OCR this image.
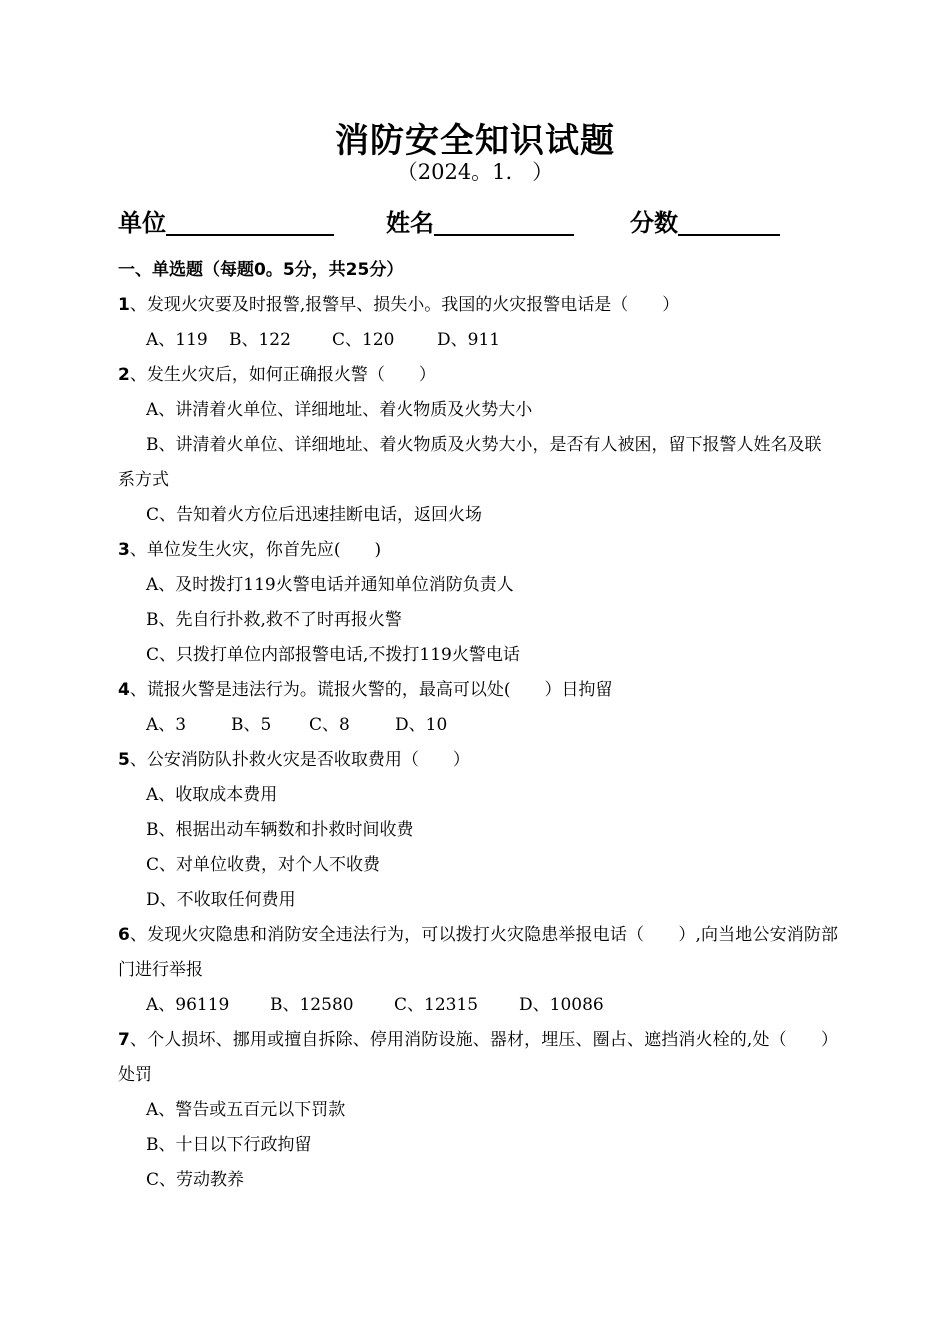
消防安全知识试题
（2024。1.   ）
单位	姓名	分数
一、单选题（每题0。5分，共25分）
1、发现火灾要及时报警,报警早、损失小。我国的火灾报警电话是（　　）
A、119 B、122 C、120	D、911
2、发生火灾后，如何正确报火警（　　）
A、讲清着火单位、详细地址、着火物质及火势大小
B、讲清着火单位、详细地址、着火物质及火势大小，是否有人被困，留下报警人姓名及联系方式
C、告知着火方位后迅速挂断电话，返回火场
3、单位发生火灾，你首先应(　　)
A、及时拨打119火警电话并通知单位消防负责人
B、先自行扑救,救不了时再报火警
C、只拨打单位内部报警电话,不拨打119火警电话
4、谎报火警是违法行为。谎报火警的，最高可以处(　　）日拘留
A、3	B、5 C、8	D、10
5、公安消防队扑救火灾是否收取费用（　　）
A、收取成本费用
B、根据出动车辆数和扑救时间收费
C、对单位收费，对个人不收费
D、不收取任何费用
6、发现火灾隐患和消防安全违法行为，可以拨打火灾隐患举报电话（　　）,向当地公安消防部门进行举报
A、96119 B、12580 C、12315 D、10086
7、个人损坏、挪用或擅自拆除、停用消防设施、器材，埋压、圈占、遮挡消火栓的,处（　　）处罚
A、警告或五百元以下罚款
B、十日以下行政拘留
C、劳动教养
